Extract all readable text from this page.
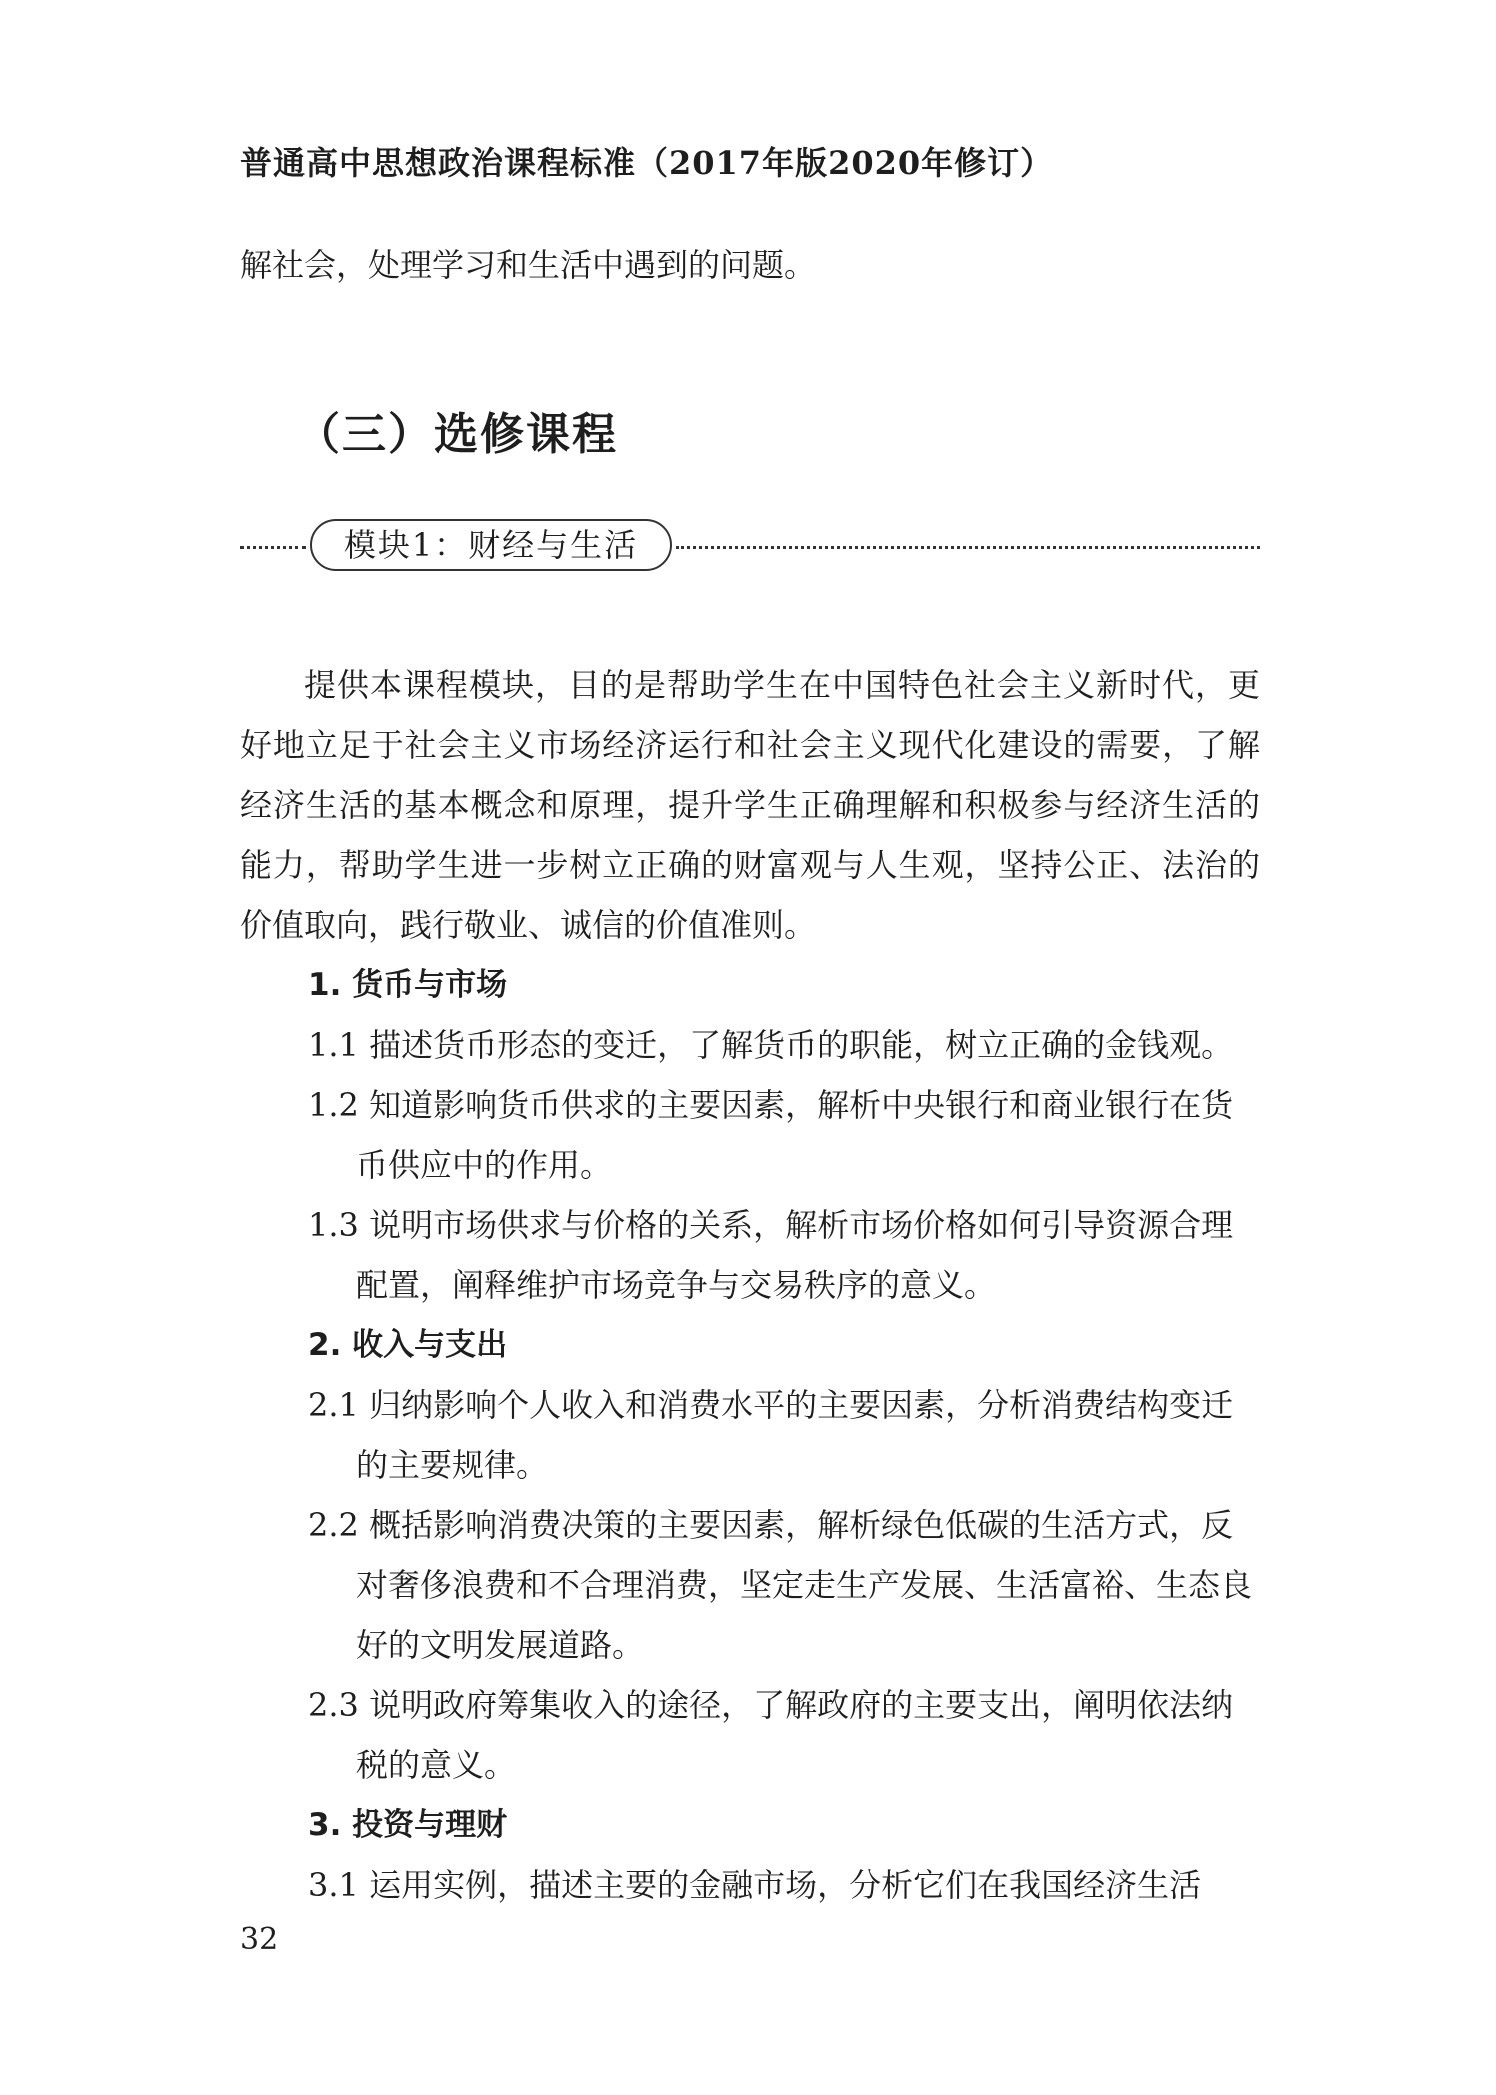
普通高中思想政治课程标准（2017年版2020年修订）

解社会，处理学习和生活中遇到的问题。

（三）选修课程
模块1：财经与生活

提供本课程模块，目的是帮助学生在中国特色社会主义新时代，更好地立足于社会主义市场经济运行和社会主义现代化建设的需要，了解经济生活的基本概念和原理，提升学生正确理解和积极参与经济生活的能力，帮助学生进一步树立正确的财富观与人生观，坚持公正、法治的价值取向，践行敬业、诚信的价值准则。

1. 货币与市场
1.1 描述货币形态的变迁，了解货币的职能，树立正确的金钱观。
1.2 知道影响货币供求的主要因素，解析中央银行和商业银行在货币供应中的作用。
1.3 说明市场供求与价格的关系，解析市场价格如何引导资源合理配置，阐释维护市场竞争与交易秩序的意义。
2. 收入与支出
2.1 归纳影响个人收入和消费水平的主要因素，分析消费结构变迁的主要规律。
2.2 概括影响消费决策的主要因素，解析绿色低碳的生活方式，反对奢侈浪费和不合理消费，坚定走生产发展、生活富裕、生态良好的文明发展道路。
2.3 说明政府筹集收入的途径，了解政府的主要支出，阐明依法纳税的意义。
3. 投资与理财
3.1 运用实例，描述主要的金融市场，分析它们在我国经济生活
32
